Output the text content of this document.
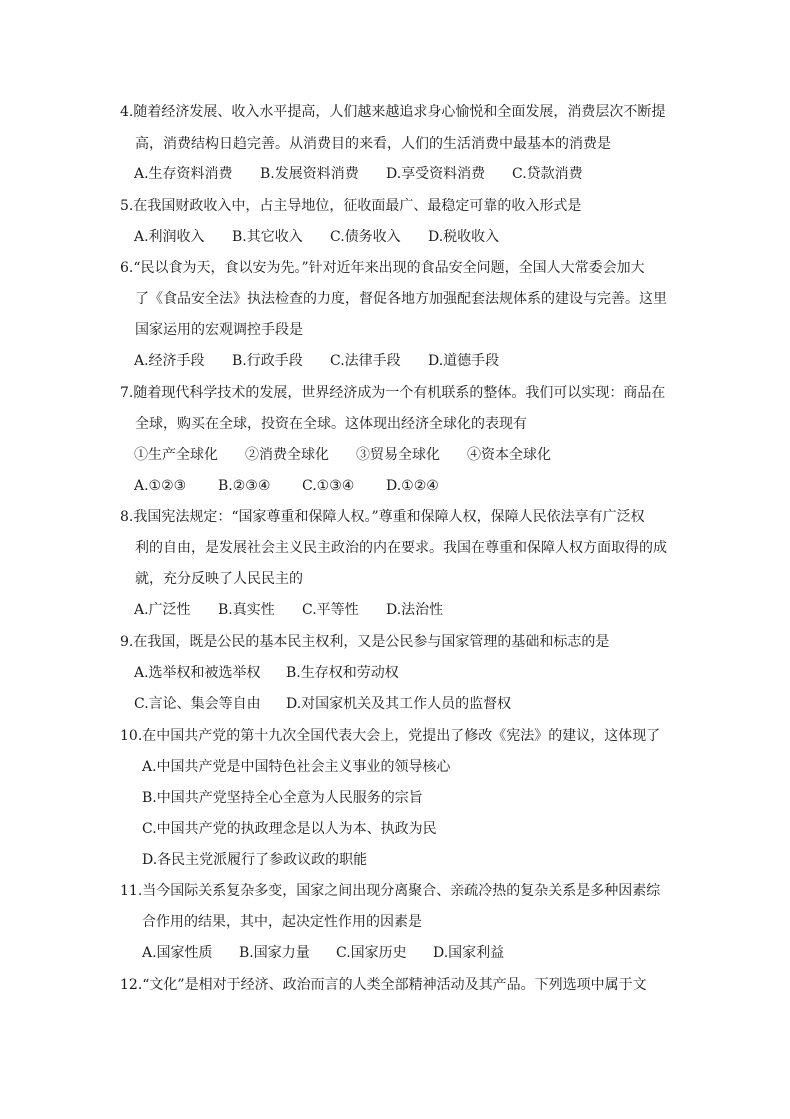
4.随着经济发展、收入水平提高，人们越来越追求身心愉悦和全面发展，消费层次不断提
高，消费结构日趋完善。从消费目的来看，人们的生活消费中最基本的消费是
A.生存资料消费 B.发展资料消费 D.享受资料消费 C.贷款消费
5.在我国财政收入中，占主导地位，征收面最广、最稳定可靠的收入形式是
A.利润收入 B.其它收入 C.债务收入 D.税收收入
6.“民以食为天，食以安为先。”针对近年来出现的食品安全问题，全国人大常委会加大
了《食品安全法》执法检查的力度，督促各地方加强配套法规体系的建设与完善。这里
国家运用的宏观调控手段是
A.经济手段 B.行政手段 C.法律手段 D.道德手段
7.随着现代科学技术的发展，世界经济成为一个有机联系的整体。我们可以实现：商品在
全球，购买在全球，投资在全球。这体现出经济全球化的表现有
①生产全球化 ②消费全球化 ③贸易全球化 ④资本全球化
A.①②③ B.②③④ C.①③④ D.①②④
8.我国宪法规定：“国家尊重和保障人权。”尊重和保障人权，保障人民依法享有广泛权
利的自由，是发展社会主义民主政治的内在要求。我国在尊重和保障人权方面取得的成
就，充分反映了人民民主的
A.广泛性 B.真实性 C.平等性 D.法治性
9.在我国，既是公民的基本民主权利，又是公民参与国家管理的基础和标志的是
A.选举权和被选举权 B.生存权和劳动权
C.言论、集会等自由 D.对国家机关及其工作人员的监督权
10.在中国共产党的第十九次全国代表大会上，党提出了修改《宪法》的建议，这体现了
A.中国共产党是中国特色社会主义事业的领导核心
B.中国共产党坚持全心全意为人民服务的宗旨
C.中国共产党的执政理念是以人为本、执政为民
D.各民主党派履行了参政议政的职能
11.当今国际关系复杂多变，国家之间出现分离聚合、亲疏冷热的复杂关系是多种因素综
合作用的结果，其中，起决定性作用的因素是
A.国家性质 B.国家力量 C.国家历史 D.国家利益
12.“文化”是相对于经济、政治而言的人类全部精神活动及其产品。下列选项中属于文
